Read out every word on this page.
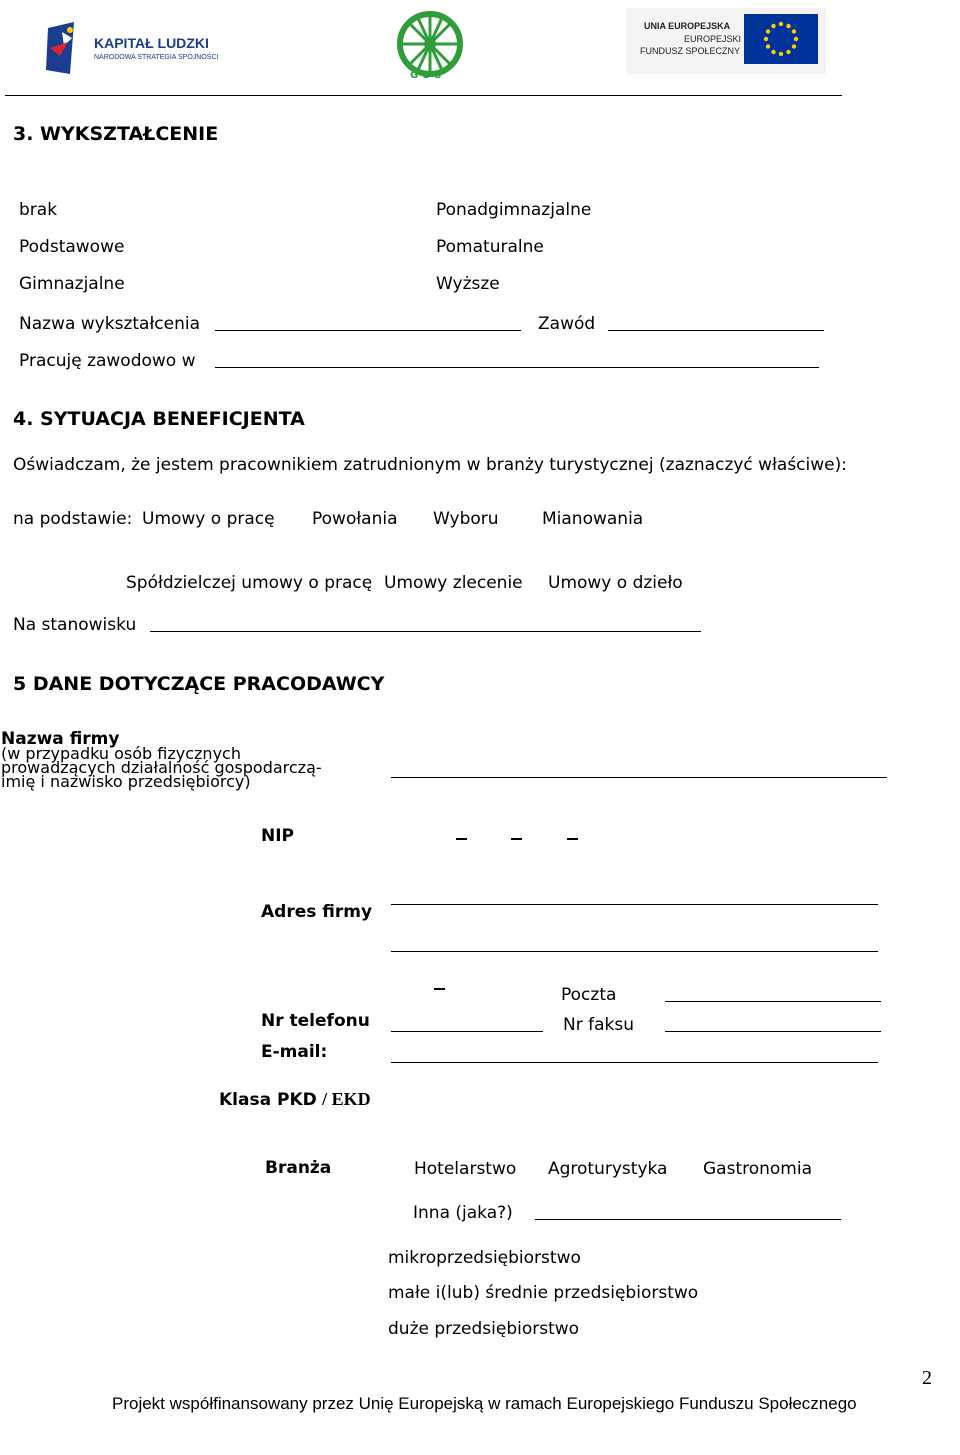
KAPITAŁ LUDZKI
NARODOWA STRATEGIA SPÓJNOŚCI
G·O·S
UNIA EUROPEJSKA
EUROPEJSKI
FUNDUSZ SPOŁECZNY
3. WYKSZTAŁCENIE
brak
Podstawowe
Gimnazjalne
Ponadgimnazjalne
Pomaturalne
Wyższe
Nazwa wykształcenia	Zawód
Pracuję zawodowo w
4. SYTUACJA BENEFICJENTA
Oświadczam, że jestem pracownikiem zatrudnionym w branży turystycznej (zaznaczyć właściwe):
na podstawie: Umowy o pracę Powołania Wyboru	Mianowania
Spółdzielczej umowy o pracę Umowy zlecenie Umowy o dzieło
Na stanowisku
5 DANE DOTYCZĄCE PRACODAWCY
Nazwa firmy
(w przypadku osób fizycznych
prowadzących działalność gospodarczą-
imię i nazwisko przedsiębiorcy)
NIP
Adres firmy
Poczta
Nr telefonu	Nr faksu
E-mail:
Klasa PKD / EKD
Branża	Hotelarstwo Agroturystyka Gastronomia
Inna (jaka?)
mikroprzedsiębiorstwo
małe i(lub) średnie przedsiębiorstwo
duże przedsiębiorstwo
2
Projekt współfinansowany przez Unię Europejską w ramach Europejskiego Funduszu Społecznego
